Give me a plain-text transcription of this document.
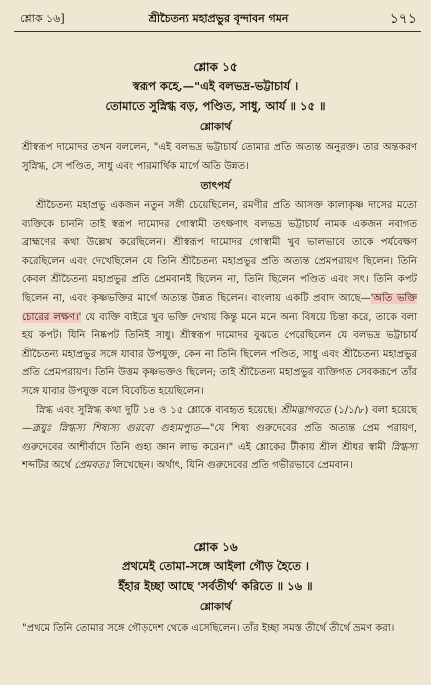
শ্লোক ১৬]	শ্রীচৈতন্য মহাপ্রভুর বৃন্দাবন গমন	১৭১
শ্লোক ১৫
স্বরূপ কহে,—"এই বলভদ্র-ভট্টাচার্য ।
তোমাতে সুস্নিগ্ধ বড়, পণ্ডিত, সাধু, আর্য ॥ ১৫ ॥
শ্লোকার্থ

শ্রীস্বরূপ দামোদর তখন বললেন, "এই বলভদ্র ভট্টাচার্য তোমার প্রতি অত্যন্ত অনুরক্ত। তার অন্তকরণ সুস্নিগ্ধ, সে পণ্ডিত, সাধু এবং পারমার্থিক মার্গে অতি উন্নত।

তাৎপর্য

শ্রীচৈতন্য মহাপ্রভু একজন নতুন সঙ্গী চেয়েছিলেন, রমণীর প্রতি আসক্ত কালাকৃষ্ণ দাসের মতো ব্যক্তিকে চাননি তাই স্বরূপ দামোদর গোস্বামী তৎক্ষণাৎ বলভদ্র ভট্টাচার্য নামক একজন নবাগত ব্রাহ্মণের কথা উল্লেখ করেছিলেন। শ্রীস্বরূপ দামোদর গোস্বামী খুব ভালভাবে তাকে পর্যবেক্ষণ করেছিলেন এবং দেখেছিলেন যে তিনি শ্রীচৈতন্য মহাপ্রভুর প্রতি অত্যন্ত প্রেমপরায়ণ ছিলেন। তিনি কেবল শ্রীচৈতন্য মহাপ্রভুর প্রতি প্রেমবানই ছিলেন না, তিনি ছিলেন পণ্ডিত এবং সৎ। তিনি কপট ছিলেন না, এবং কৃষ্ণভক্তির মার্গে অত্যন্ত উন্নত ছিলেন। বাংলায় একটি প্রবাদ আছে—'অতি ভক্তি চোরের লক্ষণ।' যে ব্যক্তি বাইরে খুব ভক্তি দেখায় কিন্তু মনে মনে অন্য বিষয়ে চিন্তা করে, তাকে বলা হয় কপট। যিনি নিষ্কপট তিনিই সাধু। শ্রীস্বরূপ দামোদর বুঝতে পেরেছিলেন যে বলভদ্র ভট্টাচার্য শ্রীচৈতন্য মহাপ্রভুর সঙ্গে যাবার উপযুক্ত, কেন না তিনি ছিলেন পণ্ডিত, সাধু এবং শ্রীচৈতন্য মহাপ্রভুর প্রতি প্রেমপরায়ণ। তিনি উত্তম কৃষ্ণভক্তও ছিলেন; তাই শ্রীচৈতন্য মহাপ্রভুর ব্যক্তিগত সেবকরূপে তাঁর সঙ্গে যাবার উপযুক্ত বলে বিবেচিত হয়েছিলেন।

স্নিগ্ধ এবং সুস্নিগ্ধ কথা দুটি ১৪ ও ১৫ শ্লোকে ব্যবহৃত হয়েছে। শ্রীমদ্ভাগবতে (১/১/৮) বলা হয়েছে—ব্রূয়ুঃ স্নিগ্ধস্য শিষ্যস্য গুরবো গুহ্যমপ্যুত—"যে শিষ্য গুরুদেবের প্রতি অত্যন্ত প্রেম পরায়ণ, গুরুদেবের আশীর্বাদে তিনি গুহ্য জ্ঞান লাভ করেন।" এই শ্লোকের টীকায় শ্রীল শ্রীধর স্বামী স্নিগ্ধস্য শব্দটির অর্থে প্রেমবতঃ লিখেছেন। অর্থাৎ, যিনি গুরুদেবের প্রতি গভীরভাবে প্রেমবান।

শ্লোক ১৬
প্রথমেই তোমা-সঙ্গে আইলা গৌড় হৈতে ।
ইঁহার ইচ্ছা আছে 'সর্বতীর্থ' করিতে ॥ ১৬ ॥
শ্লোকার্থ

"প্রথমে তিনি তোমার সঙ্গে গৌড়দেশ থেকে এসেছিলেন। তাঁর ইচ্ছা সমস্ত তীর্থে তীর্থে ভ্রমণ করা।
